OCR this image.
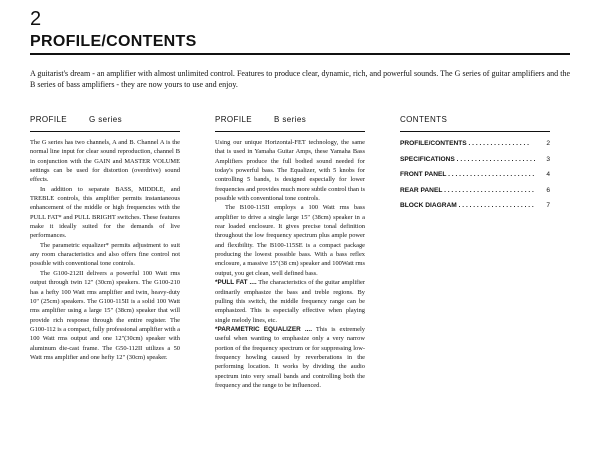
2
PROFILE/CONTENTS
A guitarist's dream - an amplifier with almost unlimited control. Features to produce clear, dynamic, rich, and powerful sounds. The G series of guitar amplifiers and the B series of bass amplifiers - they are now yours to use and enjoy.
PROFILE	G series

The G series has two channels, A and B. Channel A is the normal line input for clear sound reproduction, channel B in conjunction with the GAIN and MASTER VOLUME settings can be used for distortion (overdrive) sound effects.

In addition to separate BASS, MIDDLE, and TREBLE controls, this amplifier permits instantaneous enhancement of the middle or high frequencies with the PULL FAT* and PULL BRIGHT switches. These features make it ideally suited for the demands of live performances.

The parametric equalizer* permits adjustment to suit any room characteristics and also offers fine control not possible with conventional tone controls.

The G100-212II delivers a powerful 100 Watt rms output through twin 12" (30cm) speakers. The G100-210 has a hefty 100 Watt rms amplifier and twin, heavy-duty 10" (25cm) speakers. The G100-115II is a solid 100 Watt rms amplifier using a large 15" (38cm) speaker that will provide rich response through the entire register. The G100-112 is a compact, fully professional amplifier with a 100 Watt rms output and one 12"(30cm) speaker with aluminum die-cast frame. The G50-112II utilizes a 50 Watt rms amplifier and one hefty 12" (30cm) speaker.

PROFILE	B series

Using our unique Horizontal-FET technology, the same that is used in Yamaha Guitar Amps, these Yamaha Bass Amplifiers produce the full bodied sound needed for today's powerful bass. The Equalizer, with 5 knobs for controlling 5 bands, is designed especially for lower frequencies and provides much more subtle control than is possible with conventional tone controls.

The B100-115II employs a 100 Watt rms bass amplifier to drive a single large 15" (38cm) speaker in a rear loaded enclosure. It gives precise tonal definition throughout the low frequency spectrum plus ample power and flexibility. The B100-115SE is a compact package producing the lowest possible bass. With a bass reflex enclosure, a massive 15"(38 cm) speaker and 100Watt rms output, you get clean, well defined bass.

*PULL FAT .... The characteristics of the guitar amplifier ordinarily emphasize the bass and treble regions. By pulling this switch, the middle frequency range can be emphasized. This is especially effective when playing single melody lines, etc.

*PARAMETRIC EQUALIZER .... This is extremely useful when wanting to emphasize only a very narrow portion of the frequency spectrum or for suppressing low-frequency howling caused by reverberations in the performing location. It works by dividing the audio spectrum into very small bands and controlling both the frequency and the range to be influenced.

CONTENTS
PROFILE/CONTENTS . . . . . . . . . . . . . . . . .	2
SPECIFICATIONS . . . . . . . . . . . . . . . . . . . . . . 3
FRONT PANEL . . . . . . . . . . . . . . . . . . . . . . . . 4
REAR PANEL . . . . . . . . . . . . . . . . . . . . . . . . . 6
BLOCK DIAGRAM . . . . . . . . . . . . . . . . . . . . . 7
